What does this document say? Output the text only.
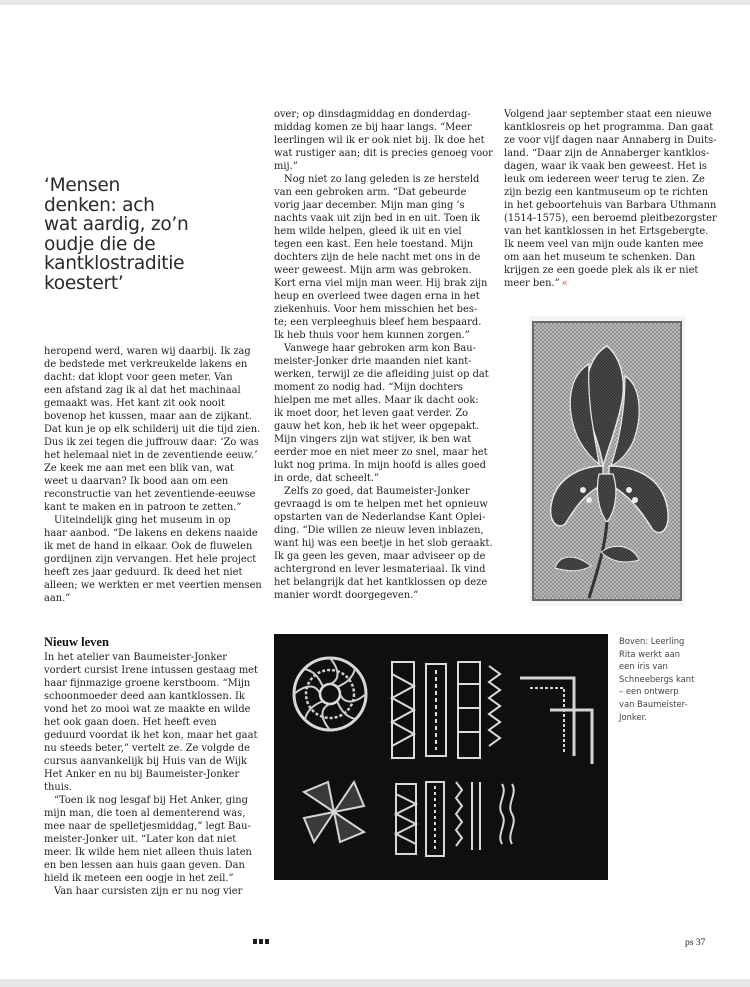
‘Mensen
denken: ach
wat aardig, zo’n
oudje die de
kantklostraditie
koestert’
heropend werd, waren wij daarbij. Ik zag
de bedstede met verkreukelde lakens en
dacht: dat klopt voor geen meter. Van
een afstand zag ik al dat het machinaal
gemaakt was. Het kant zit ook nooit
bovenop het kussen, maar aan de zijkant.
Dat kun je op elk schilderij uit die tijd zien.
Dus ik zei tegen die juffrouw daar: ‘Zo was
het helemaal niet in de zeventiende eeuw.’
Ze keek me aan met een blik van, wat
weet u daarvan? Ik bood aan om een
reconstructie van het zeventiende-eeuwse
kant te maken en in patroon te zetten.”
Uiteindelijk ging het museum in op
haar aanbod. “De lakens en dekens naaide
ik met de hand in elkaar. Ook de fluwelen
gordijnen zijn vervangen. Het hele project
heeft zes jaar geduurd. Ik deed het niet
alleen; we werkten er met veertien mensen
aan.”
Nieuw leven
In het atelier van Baumeister-Jonker
vordert cursist Irene intussen gestaag met
haar fijnmazige groene kerstboom. “Mijn
schoonmoeder deed aan kantklossen. Ik
vond het zo mooi wat ze maakte en wilde
het ook gaan doen. Het heeft even
geduurd voordat ik het kon, maar het gaat
nu steeds beter,” vertelt ze. Ze volgde de
cursus aanvankelijk bij Huis van de Wijk
Het Anker en nu bij Baumeister-Jonker
thuis.
“Toen ik nog lesgaf bij Het Anker, ging
mijn man, die toen al dementerend was,
mee naar de spelletjesmiddag,” legt Bau-
meister-Jonker uit. “Later kon dat niet
meer. Ik wilde hem niet alleen thuis laten
en ben lessen aan huis gaan geven. Dan
hield ik meteen een oogje in het zeil.”
Van haar cursisten zijn er nu nog vier
over; op dinsdagmiddag en donderdag-
middag komen ze bij haar langs. “Meer
leerlingen wil ik er ook niet bij. Ik doe het
wat rustiger aan; dit is precies genoeg voor
mij.”
Nog niet zo lang geleden is ze hersteld
van een gebroken arm. “Dat gebeurde
vorig jaar december. Mijn man ging ’s
nachts vaak uit zijn bed in en uit. Toen ik
hem wilde helpen, gleed ik uit en viel
tegen een kast. Een hele toestand. Mijn
dochters zijn de hele nacht met ons in de
weer geweest. Mijn arm was gebroken.
Kort erna viel mijn man weer. Hij brak zijn
heup en overleed twee dagen erna in het
ziekenhuis. Voor hem misschien het bes-
te; een verpleeghuis bleef hem bespaard.
Ik heb thuis voor hem kunnen zorgen.”
Vanwege haar gebroken arm kon Bau-
meister-Jonker drie maanden niet kant-
werken, terwijl ze die afleiding juist op dat
moment zo nodig had. “Mijn dochters
hielpen me met alles. Maar ik dacht ook:
ik moet door, het leven gaat verder. Zo
gauw het kon, heb ik het weer opgepakt.
Mijn vingers zijn wat stijver, ik ben wat
eerder moe en niet meer zo snel, maar het
lukt nog prima. In mijn hoofd is alles goed
in orde, dat scheelt.”
Zelfs zo goed, dat Baumeister-Jonker
gevraagd is om te helpen met het opnieuw
opstarten van de Nederlandse Kant Oplei-
ding. “Die willen ze nieuw leven inblazen,
want hij was een beetje in het slob geraakt.
Ik ga geen les geven, maar adviseer op de
achtergrond en lever lesmateriaal. Ik vind
het belangrijk dat het kantklossen op deze
manier wordt doorgegeven.”
Volgend jaar september staat een nieuwe
kantklosreis op het programma. Dan gaat
ze voor vijf dagen naar Annaberg in Duits-
land. “Daar zijn de Annaberger kantklos-
dagen, waar ik vaak ben geweest. Het is
leuk om iedereen weer terug te zien. Ze
zijn bezig een kantmuseum op te richten
in het geboortehuis van Barbara Uthmann
(1514-1575), een beroemd pleitbezorgster
van het kantklossen in het Ertsgebergte.
Ik neem veel van mijn oude kanten mee
om aan het museum te schenken. Dan
krijgen ze een goede plek als ik er niet
meer ben.” «
Boven: Leerling
Rita werkt aan
een iris van
Schneebergs kant
– een ontwerp
van Baumeister-
Jonker.
ps 37
